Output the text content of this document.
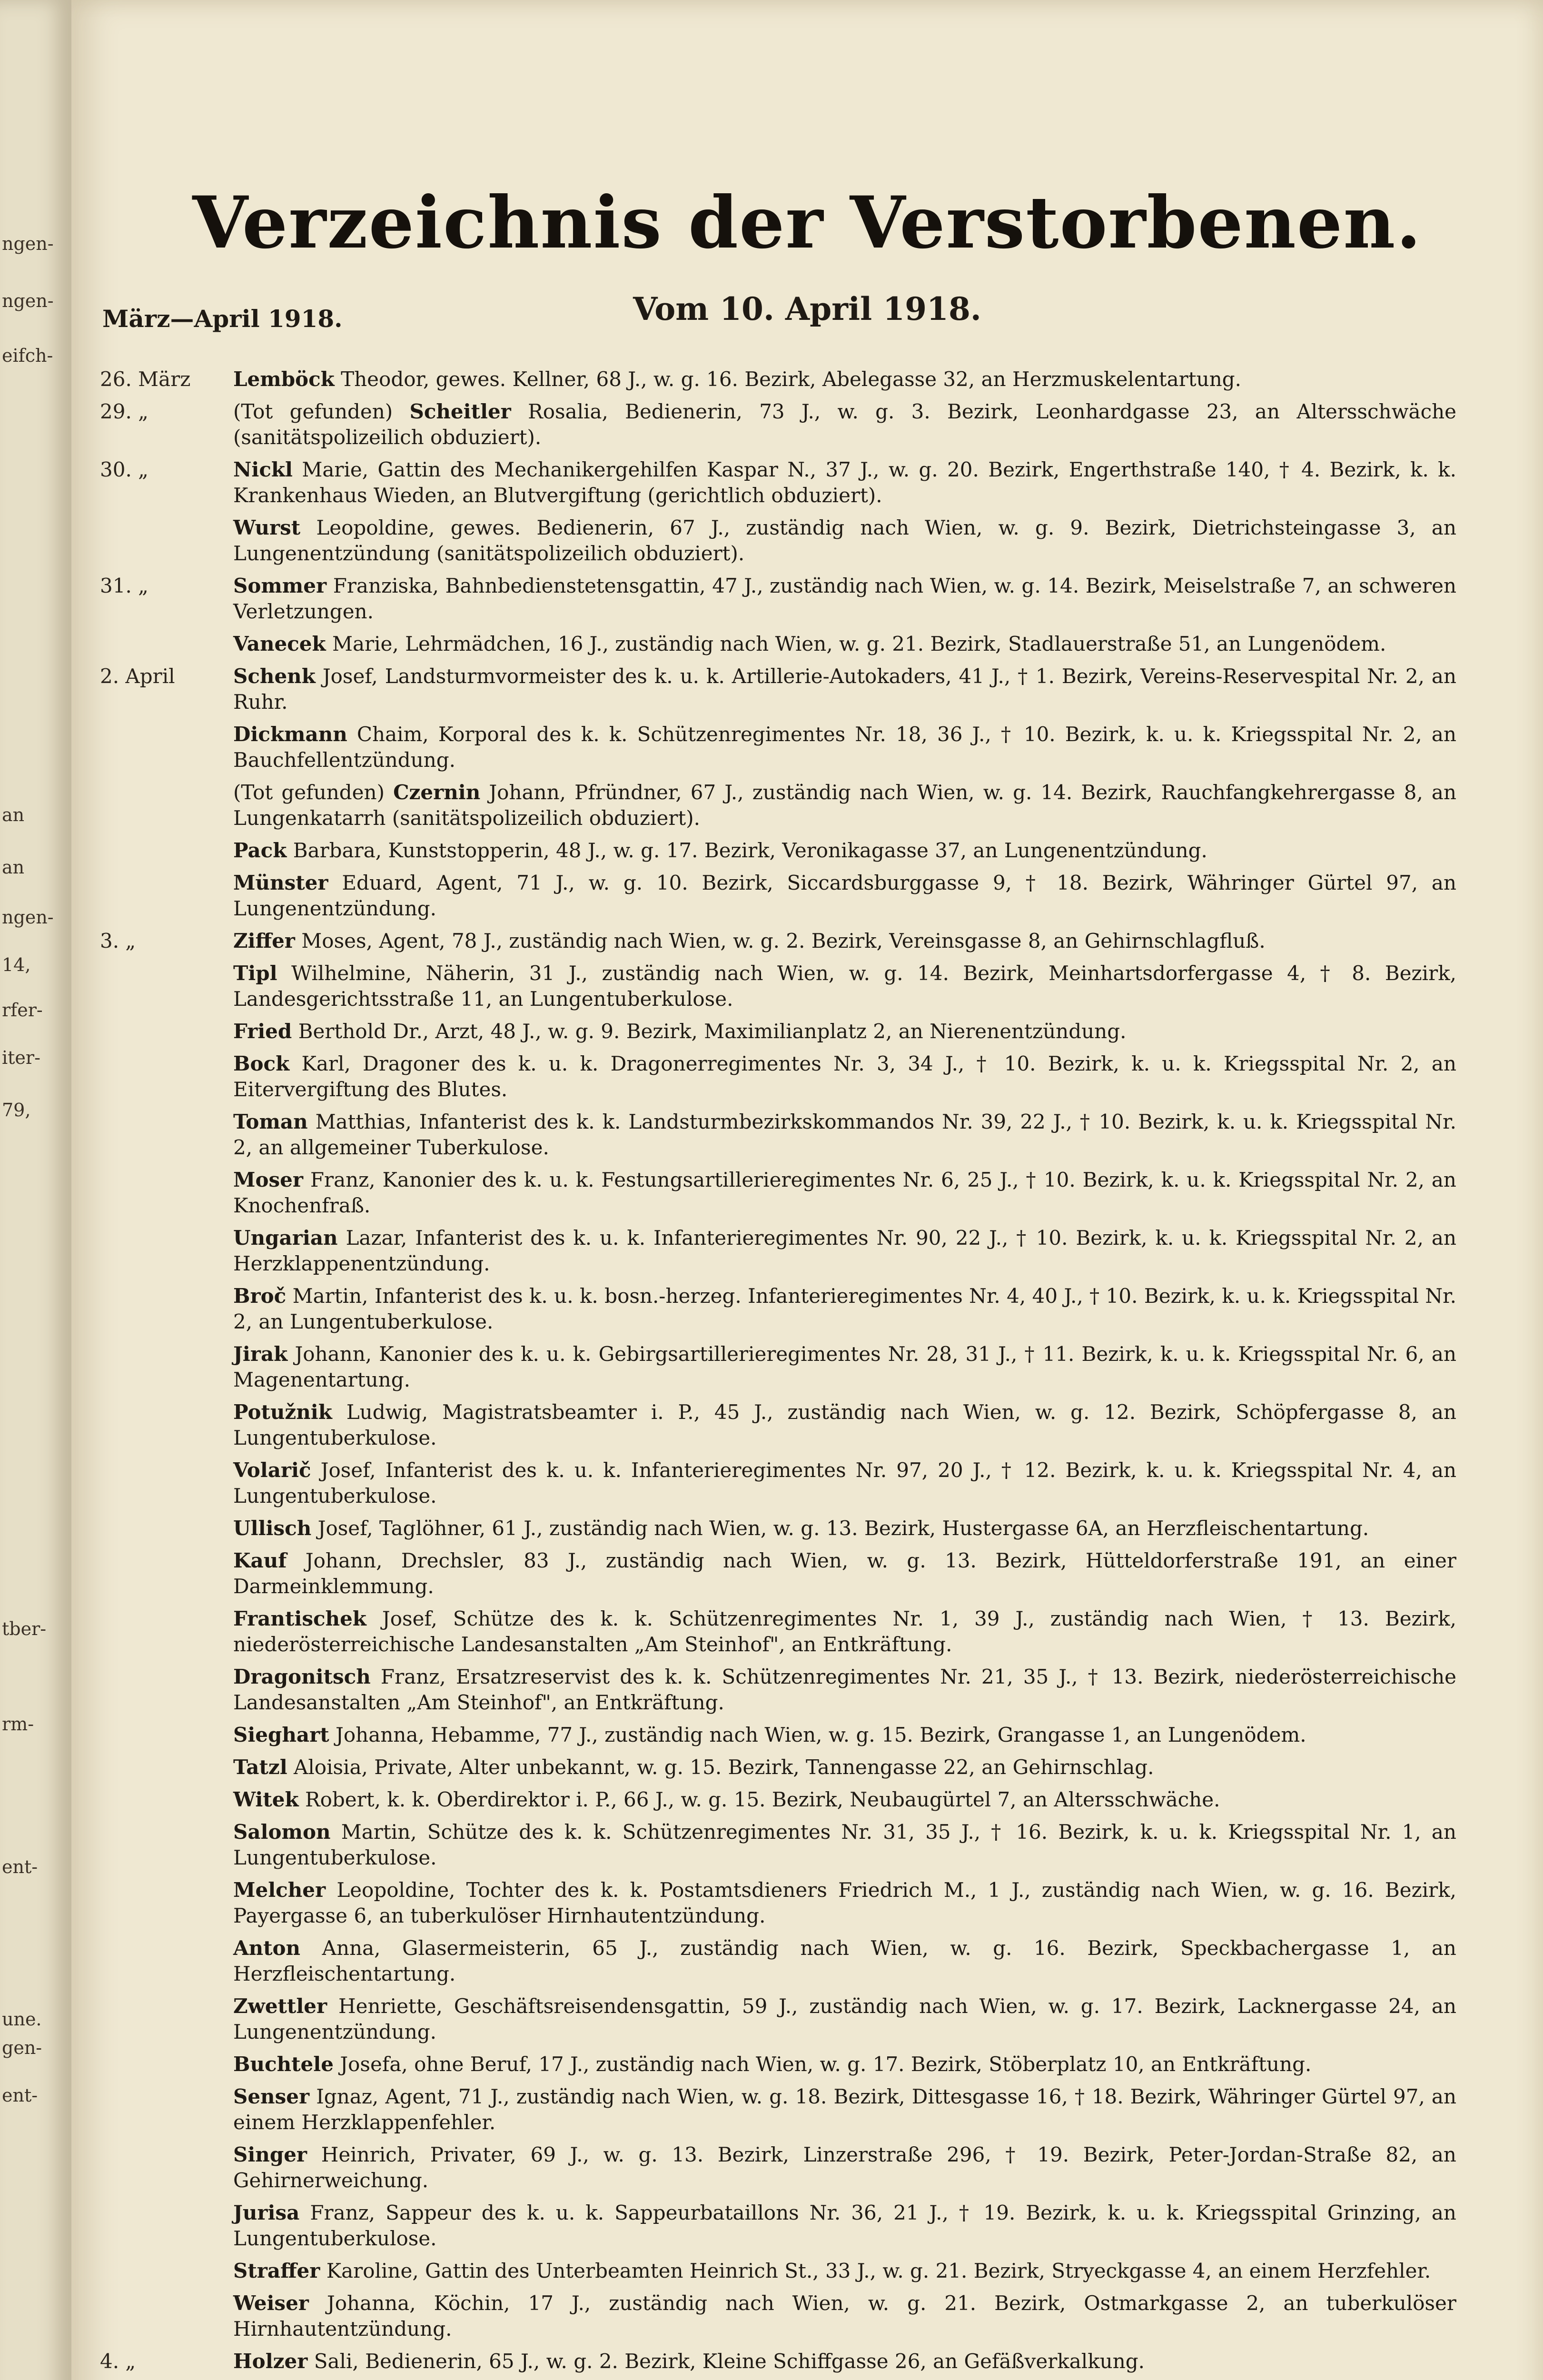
ngen-
ngen-
eifch-
an
an
ngen-
14,
rfer-
iter-
79,
tber-
rm-
ent-
une.
gen-
ent-
Verzeichnis der Verstorbenen.
März—April 1918.	Vom 10. April 1918.
26. März	Lemböck Theodor, gewes. Kellner, 68 J., w. g. 16. Bezirk, Abelegasse 32, an Herzmuskelentartung.
29. „	(Tot gefunden) Scheitler Rosalia, Bedienerin, 73 J., w. g. 3. Bezirk, Leonhardgasse 23, an Altersschwäche (sanitätspolizeilich obduziert).
30. „	Nickl Marie, Gattin des Mechanikergehilfen Kaspar N., 37 J., w. g. 20. Bezirk, Engerthstraße 140, † 4. Bezirk, k. k. Krankenhaus Wieden, an Blutvergiftung (gerichtlich obduziert).
Wurst Leopoldine, gewes. Bedienerin, 67 J., zuständig nach Wien, w. g. 9. Bezirk, Dietrichsteingasse 3, an Lungenentzündung (sanitätspolizeilich obduziert).
31. „	Sommer Franziska, Bahnbedienstetensgattin, 47 J., zuständig nach Wien, w. g. 14. Bezirk, Meiselstraße 7, an schweren Verletzungen.
Vanecek Marie, Lehrmädchen, 16 J., zuständig nach Wien, w. g. 21. Bezirk, Stadlauerstraße 51, an Lungenödem.
2. April	Schenk Josef, Landsturmvormeister des k. u. k. Artillerie-Autokaders, 41 J., † 1. Bezirk, Vereins-Reservespital Nr. 2, an Ruhr.
Dickmann Chaim, Korporal des k. k. Schützenregimentes Nr. 18, 36 J., † 10. Bezirk, k. u. k. Kriegsspital Nr. 2, an Bauchfellentzündung.
(Tot gefunden) Czernin Johann, Pfründner, 67 J., zuständig nach Wien, w. g. 14. Bezirk, Rauchfangkehrergasse 8, an Lungenkatarrh (sanitätspolizeilich obduziert).
Pack Barbara, Kunststopperin, 48 J., w. g. 17. Bezirk, Veronikagasse 37, an Lungenentzündung.
Münster Eduard, Agent, 71 J., w. g. 10. Bezirk, Siccardsburggasse 9, † 18. Bezirk, Währinger Gürtel 97, an Lungenentzündung.
3. „	Ziffer Moses, Agent, 78 J., zuständig nach Wien, w. g. 2. Bezirk, Vereinsgasse 8, an Gehirnschlagfluß.
Tipl Wilhelmine, Näherin, 31 J., zuständig nach Wien, w. g. 14. Bezirk, Meinhartsdorfergasse 4, † 8. Bezirk, Landesgerichtsstraße 11, an Lungentuberkulose.
Fried Berthold Dr., Arzt, 48 J., w. g. 9. Bezirk, Maximilianplatz 2, an Nierenentzündung.
Bock Karl, Dragoner des k. u. k. Dragonerregimentes Nr. 3, 34 J., † 10. Bezirk, k. u. k. Kriegsspital Nr. 2, an Eitervergiftung des Blutes.
Toman Matthias, Infanterist des k. k. Landsturmbezirkskommandos Nr. 39, 22 J., † 10. Bezirk, k. u. k. Kriegsspital Nr. 2, an allgemeiner Tuberkulose.
Moser Franz, Kanonier des k. u. k. Festungsartillerieregimentes Nr. 6, 25 J., † 10. Bezirk, k. u. k. Kriegsspital Nr. 2, an Knochenfraß.
Ungarian Lazar, Infanterist des k. u. k. Infanterieregimentes Nr. 90, 22 J., † 10. Bezirk, k. u. k. Kriegsspital Nr. 2, an Herzklappenentzündung.
Broč Martin, Infanterist des k. u. k. bosn.-herzeg. Infanterieregimentes Nr. 4, 40 J., † 10. Bezirk, k. u. k. Kriegsspital Nr. 2, an Lungentuberkulose.
Jirak Johann, Kanonier des k. u. k. Gebirgsartillerieregimentes Nr. 28, 31 J., † 11. Bezirk, k. u. k. Kriegsspital Nr. 6, an Magenentartung.
Potužnik Ludwig, Magistratsbeamter i. P., 45 J., zuständig nach Wien, w. g. 12. Bezirk, Schöpfergasse 8, an Lungentuberkulose.
Volarič Josef, Infanterist des k. u. k. Infanterieregimentes Nr. 97, 20 J., † 12. Bezirk, k. u. k. Kriegsspital Nr. 4, an Lungentuberkulose.
Ullisch Josef, Taglöhner, 61 J., zuständig nach Wien, w. g. 13. Bezirk, Hustergasse 6A, an Herzfleischentartung.
Kauf Johann, Drechsler, 83 J., zuständig nach Wien, w. g. 13. Bezirk, Hütteldorferstraße 191, an einer Darmeinklemmung.
Frantischek Josef, Schütze des k. k. Schützenregimentes Nr. 1, 39 J., zuständig nach Wien, † 13. Bezirk, niederösterreichische Landesanstalten „Am Steinhof", an Entkräftung.
Dragonitsch Franz, Ersatzreservist des k. k. Schützenregimentes Nr. 21, 35 J., † 13. Bezirk, niederösterreichische Landesanstalten „Am Steinhof", an Entkräftung.
Sieghart Johanna, Hebamme, 77 J., zuständig nach Wien, w. g. 15. Bezirk, Grangasse 1, an Lungenödem.
Tatzl Aloisia, Private, Alter unbekannt, w. g. 15. Bezirk, Tannengasse 22, an Gehirnschlag.
Witek Robert, k. k. Oberdirektor i. P., 66 J., w. g. 15. Bezirk, Neubaugürtel 7, an Altersschwäche.
Salomon Martin, Schütze des k. k. Schützenregimentes Nr. 31, 35 J., † 16. Bezirk, k. u. k. Kriegsspital Nr. 1, an Lungentuberkulose.
Melcher Leopoldine, Tochter des k. k. Postamtsdieners Friedrich M., 1 J., zuständig nach Wien, w. g. 16. Bezirk, Payergasse 6, an tuberkulöser Hirnhautentzündung.
Anton Anna, Glasermeisterin, 65 J., zuständig nach Wien, w. g. 16. Bezirk, Speckbachergasse 1, an Herzfleischentartung.
Zwettler Henriette, Geschäftsreisendensgattin, 59 J., zuständig nach Wien, w. g. 17. Bezirk, Lacknergasse 24, an Lungenentzündung.
Buchtele Josefa, ohne Beruf, 17 J., zuständig nach Wien, w. g. 17. Bezirk, Stöberplatz 10, an Entkräftung.
Senser Ignaz, Agent, 71 J., zuständig nach Wien, w. g. 18. Bezirk, Dittesgasse 16, † 18. Bezirk, Währinger Gürtel 97, an einem Herzklappenfehler.
Singer Heinrich, Privater, 69 J., w. g. 13. Bezirk, Linzerstraße 296, † 19. Bezirk, Peter-Jordan-Straße 82, an Gehirnerweichung.
Jurisa Franz, Sappeur des k. u. k. Sappeurbataillons Nr. 36, 21 J., † 19. Bezirk, k. u. k. Kriegsspital Grinzing, an Lungentuberkulose.
Straffer Karoline, Gattin des Unterbeamten Heinrich St., 33 J., w. g. 21. Bezirk, Stryeckgasse 4, an einem Herzfehler.
Weiser Johanna, Köchin, 17 J., zuständig nach Wien, w. g. 21. Bezirk, Ostmarkgasse 2, an tuberkulöser Hirnhautentzündung.
4. „	Holzer Sali, Bedienerin, 65 J., w. g. 2. Bezirk, Kleine Schiffgasse 26, an Gefäßverkalkung.
